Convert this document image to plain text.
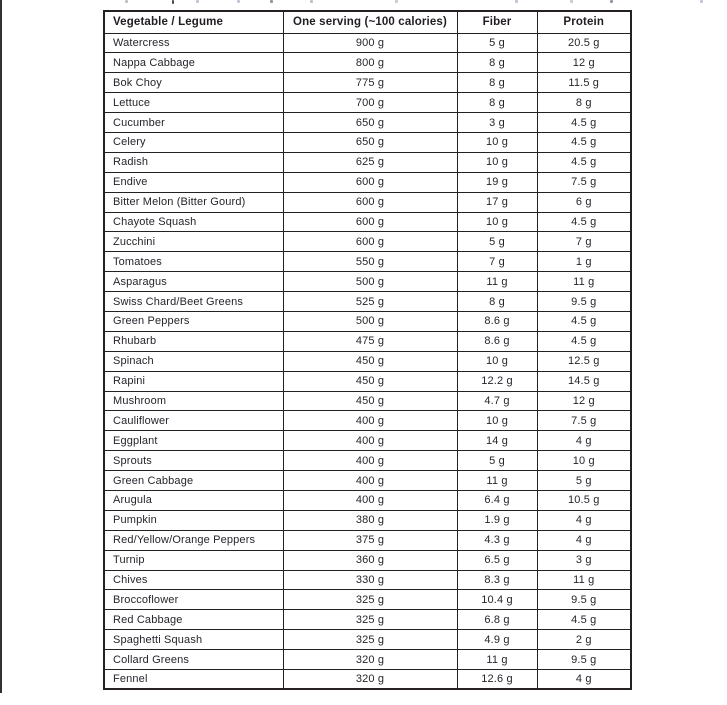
Vegetable / Legume	One serving (~100 calories)	Fiber	Protein
Watercress	900 g	5 g	20.5 g
Nappa Cabbage	800 g	8 g	12 g
Bok Choy	775 g	8 g	11.5 g
Lettuce	700 g	8 g	8 g
Cucumber	650 g	3 g	4.5 g
Celery	650 g	10 g	4.5 g
Radish	625 g	10 g	4.5 g
Endive	600 g	19 g	7.5 g
Bitter Melon (Bitter Gourd)	600 g	17 g	6 g
Chayote Squash	600 g	10 g	4.5 g
Zucchini	600 g	5 g	7 g
Tomatoes	550 g	7 g	1 g
Asparagus	500 g	11 g	11 g
Swiss Chard/Beet Greens	525 g	8 g	9.5 g
Green Peppers	500 g	8.6 g	4.5 g
Rhubarb	475 g	8.6 g	4.5 g
Spinach	450 g	10 g	12.5 g
Rapini	450 g	12.2 g	14.5 g
Mushroom	450 g	4.7 g	12 g
Cauliflower	400 g	10 g	7.5 g
Eggplant	400 g	14 g	4 g
Sprouts	400 g	5 g	10 g
Green Cabbage	400 g	11 g	5 g
Arugula	400 g	6.4 g	10.5 g
Pumpkin	380 g	1.9 g	4 g
Red/Yellow/Orange Peppers	375 g	4.3 g	4 g
Turnip	360 g	6.5 g	3 g
Chives	330 g	8.3 g	11 g
Broccoflower	325 g	10.4 g	9.5 g
Red Cabbage	325 g	6.8 g	4.5 g
Spaghetti Squash	325 g	4.9 g	2 g
Collard Greens	320 g	11 g	9.5 g
Fennel	320 g	12.6 g	4 g
